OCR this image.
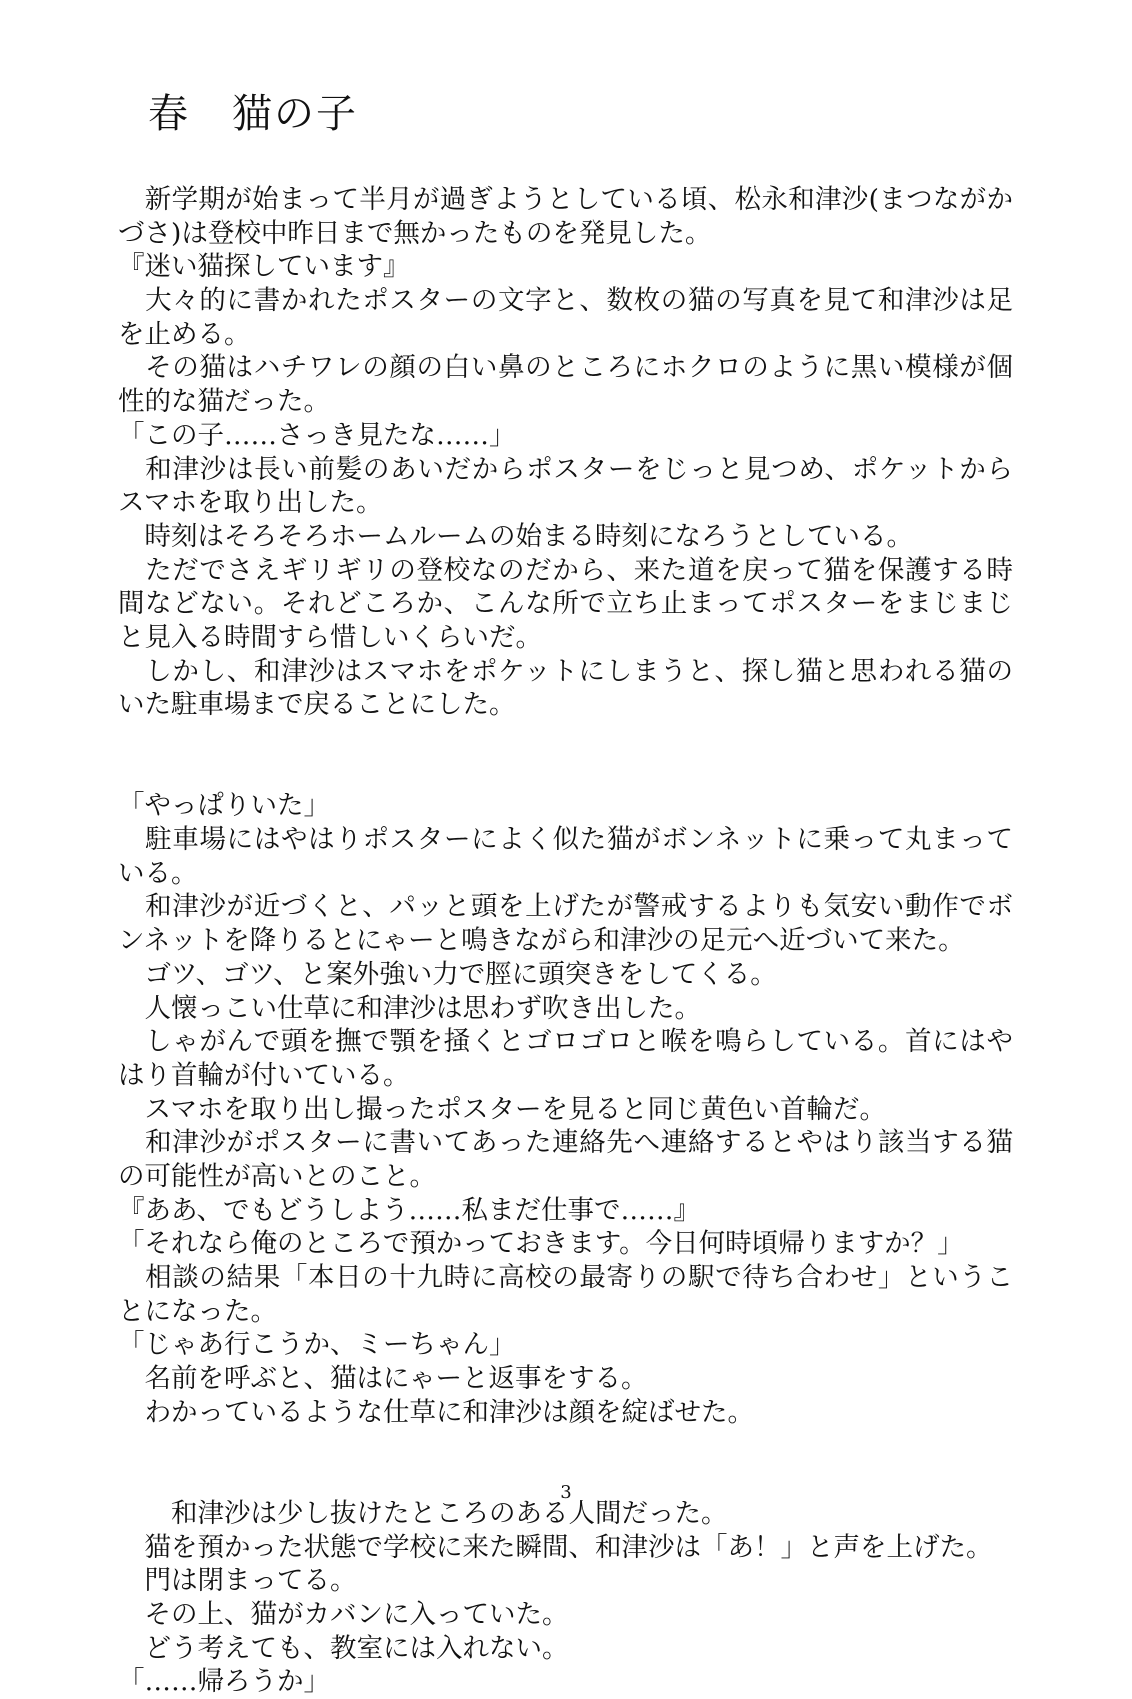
春　猫の子
　新学期が始まって半月が過ぎようとしている頃、松永和津沙(まつながか
づさ)は登校中昨日まで無かったものを発見した。
『迷い猫探しています』
　大々的に書かれたポスターの文字と、数枚の猫の写真を見て和津沙は足
を止める。
　その猫はハチワレの顔の白い鼻のところにホクロのように黒い模様が個
性的な猫だった。
「この子……さっき見たな……」
　和津沙は長い前髪のあいだからポスターをじっと見つめ、ポケットから
スマホを取り出した。
　時刻はそろそろホームルームの始まる時刻になろうとしている。
　ただでさえギリギリの登校なのだから、来た道を戻って猫を保護する時
間などない。それどころか、こんな所で立ち止まってポスターをまじまじ
と見入る時間すら惜しいくらいだ。
　しかし、和津沙はスマホをポケットにしまうと、探し猫と思われる猫の
いた駐車場まで戻ることにした。
「やっぱりいた」
　駐車場にはやはりポスターによく似た猫がボンネットに乗って丸まって
いる。
　和津沙が近づくと、パッと頭を上げたが警戒するよりも気安い動作でボ
ンネットを降りるとにゃーと鳴きながら和津沙の足元へ近づいて来た。
　ゴツ、ゴツ、と案外強い力で脛に頭突きをしてくる。
　人懐っこい仕草に和津沙は思わず吹き出した。
　しゃがんで頭を撫で顎を掻くとゴロゴロと喉を鳴らしている。首にはや
はり首輪が付いている。
　スマホを取り出し撮ったポスターを見ると同じ黄色い首輪だ。
　和津沙がポスターに書いてあった連絡先へ連絡するとやはり該当する猫
の可能性が高いとのこと。
『ああ、でもどうしよう……私まだ仕事で……』
「それなら俺のところで預かっておきます。今日何時頃帰りますか？」
　相談の結果「本日の十九時に高校の最寄りの駅で待ち合わせ」というこ
とになった。
「じゃあ行こうか、ミーちゃん」
　名前を呼ぶと、猫はにゃーと返事をする。
　わかっているような仕草に和津沙は顔を綻ばせた。
　　和津沙は少し抜けたところのある人間だった。
　猫を預かった状態で学校に来た瞬間、和津沙は「あ！」と声を上げた。
　門は閉まってる。
　その上、猫がカバンに入っていた。
　どう考えても、教室には入れない。
「……帰ろうか」
3
